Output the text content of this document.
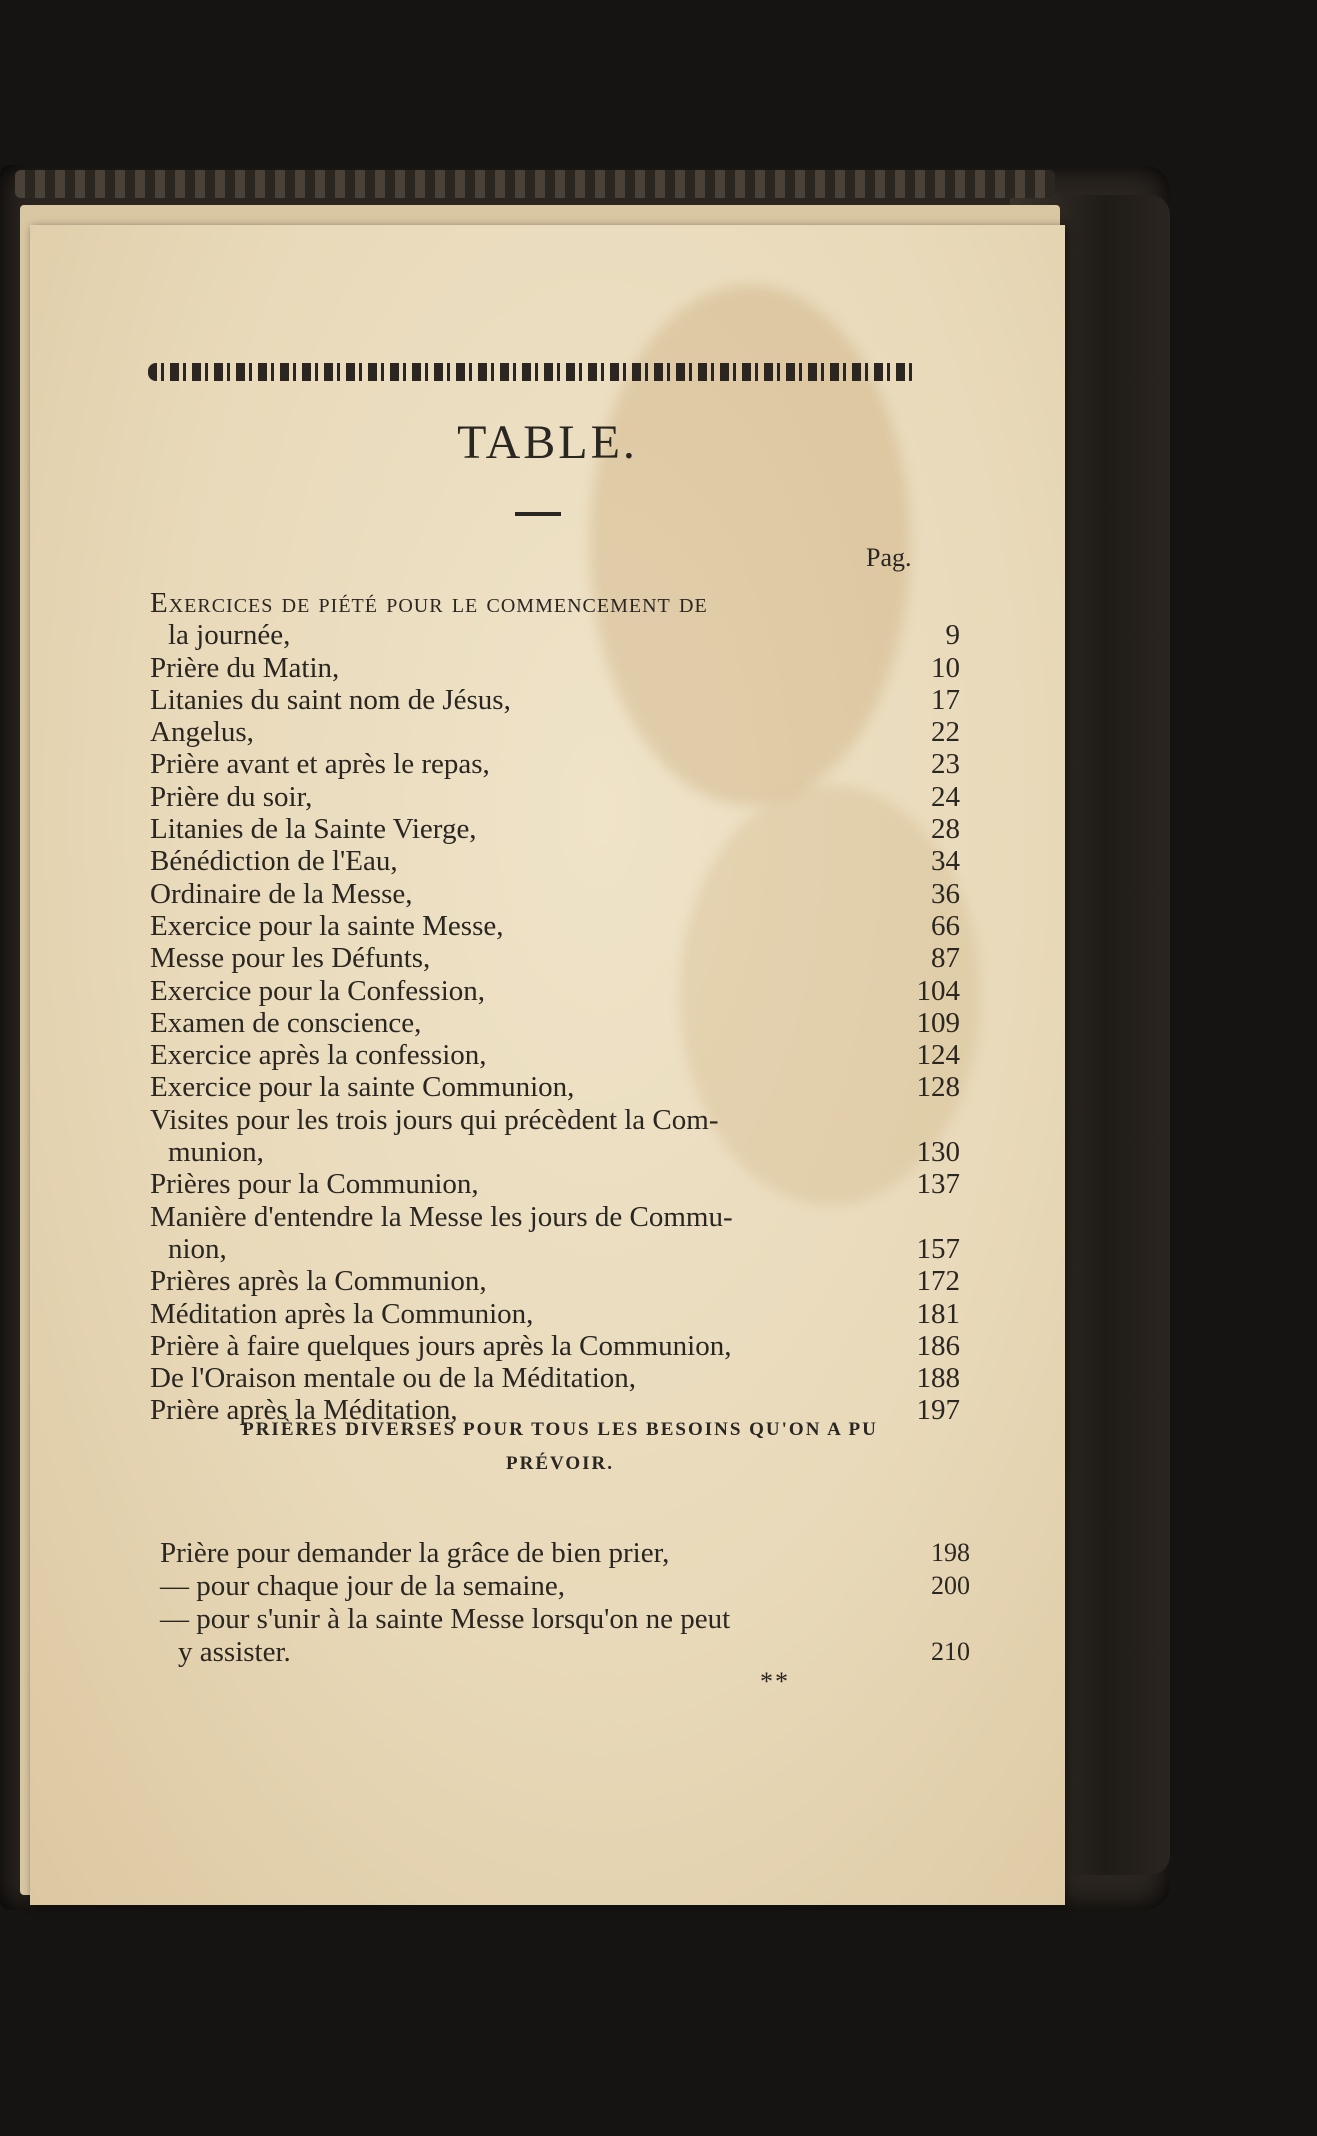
TABLE.
Pag.
Exercices de piété pour le commencement de
la journée,	9
Prière du Matin,	10
Litanies du saint nom de Jésus,	17
Angelus,	22
Prière avant et après le repas,	23
Prière du soir,	24
Litanies de la Sainte Vierge,	28
Bénédiction de l'Eau,	34
Ordinaire de la Messe,	36
Exercice pour la sainte Messe,	66
Messe pour les Défunts,	87
Exercice pour la Confession,	104
Examen de conscience,	109
Exercice après la confession,	124
Exercice pour la sainte Communion,	128
Visites pour les trois jours qui précèdent la Com-
munion,	130
Prières pour la Communion,	137
Manière d'entendre la Messe les jours de Commu-
nion,	157
Prières après la Communion,	172
Méditation après la Communion,	181
Prière à faire quelques jours après la Communion,	186
De l'Oraison mentale ou de la Méditation,	188
Prière après la Méditation,	197
PRIÈRES DIVERSES POUR TOUS LES BESOINS QU'ON A PU
PRÉVOIR.
Prière pour demander la grâce de bien prier,	198
— pour chaque jour de la semaine,	200
— pour s'unir à la sainte Messe lorsqu'on ne peut
y assister.	210
**
